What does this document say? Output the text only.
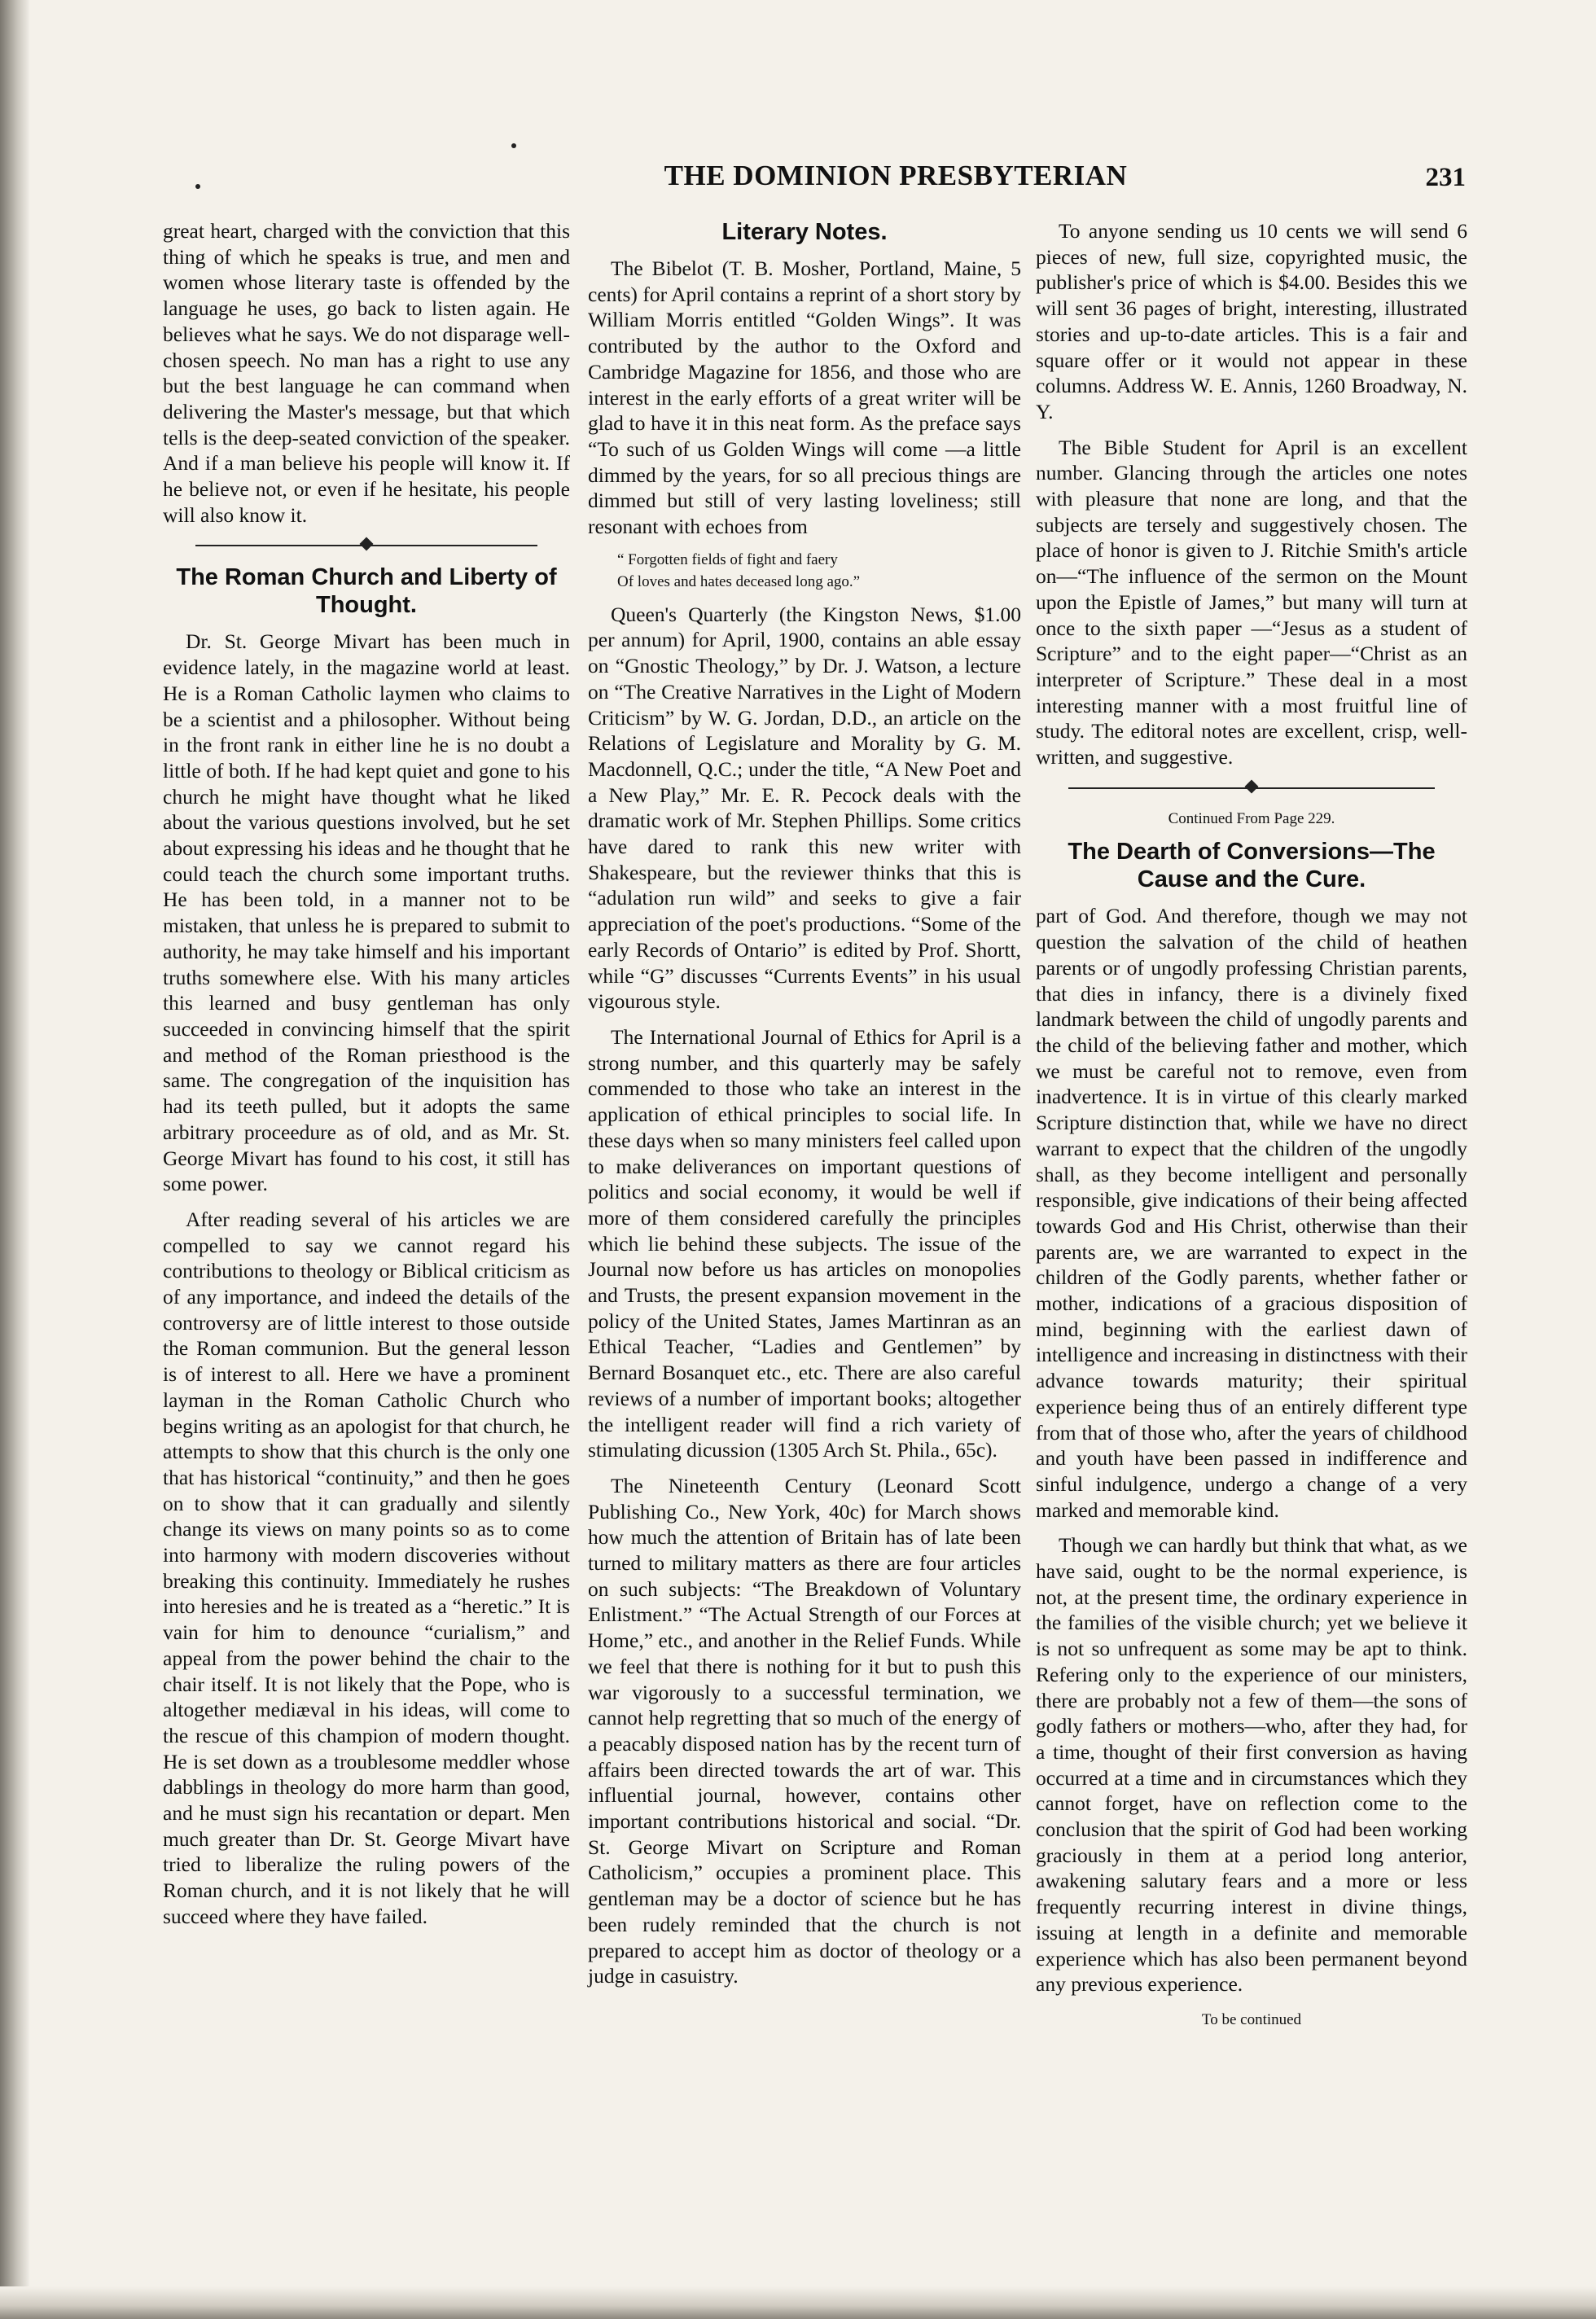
THE DOMINION PRESBYTERIAN	231

great heart, charged with the conviction that this thing of which he speaks is true, and men and women whose literary taste is offended by the language he uses, go back to listen again. He believes what he says. We do not disparage well-chosen speech. No man has a right to use any but the best language he can command when delivering the Master's message, but that which tells is the deep-seated conviction of the speaker. And if a man believe his people will know it. If he believe not, or even if he hesitate, his people will also know it.

The Roman Church and Liberty of Thought.

Dr. St. George Mivart has been much in evidence lately, in the magazine world at least. He is a Roman Catholic laymen who claims to be a scientist and a philosopher. Without being in the front rank in either line he is no doubt a little of both. If he had kept quiet and gone to his church he might have thought what he liked about the various questions involved, but he set about expressing his ideas and he thought that he could teach the church some important truths. He has been told, in a manner not to be mistaken, that unless he is prepared to submit to authority, he may take himself and his important truths somewhere else. With his many articles this learned and busy gentleman has only succeeded in convincing himself that the spirit and method of the Roman priesthood is the same. The congregation of the inquisition has had its teeth pulled, but it adopts the same arbitrary proceedure as of old, and as Mr. St. George Mivart has found to his cost, it still has some power.

After reading several of his articles we are compelled to say we cannot regard his contributions to theology or Biblical criticism as of any importance, and indeed the details of the controversy are of little interest to those outside the Roman communion. But the general lesson is of interest to all. Here we have a prominent layman in the Roman Catholic Church who begins writing as an apologist for that church, he attempts to show that this church is the only one that has historical “continuity,” and then he goes on to show that it can gradually and silently change its views on many points so as to come into harmony with modern discoveries without breaking this continuity. Immediately he rushes into heresies and he is treated as a “heretic.” It is vain for him to denounce “curialism,” and appeal from the power behind the chair to the chair itself. It is not likely that the Pope, who is altogether mediæval in his ideas, will come to the rescue of this champion of modern thought. He is set down as a troublesome meddler whose dabblings in theology do more harm than good, and he must sign his recantation or depart. Men much greater than Dr. St. George Mivart have tried to liberalize the ruling powers of the Roman church, and it is not likely that he will succeed where they have failed.

Literary Notes.

The Bibelot (T. B. Mosher, Portland, Maine, 5 cents) for April contains a reprint of a short story by William Morris entitled “Golden Wings”. It was contributed by the author to the Oxford and Cambridge Magazine for 1856, and those who are interest in the early efforts of a great writer will be glad to have it in this neat form. As the preface says “To such of us Golden Wings will come —a little dimmed by the years, for so all precious things are dimmed but still of very lasting loveliness; still resonant with echoes from

“ Forgotten fields of fight and faery
Of loves and hates deceased long ago.”

Queen's Quarterly (the Kingston News, $1.00 per annum) for April, 1900, contains an able essay on “Gnostic Theology,” by Dr. J. Watson, a lecture on “The Creative Narratives in the Light of Modern Criticism” by W. G. Jordan, D.D., an article on the Relations of Legislature and Morality by G. M. Macdonnell, Q.C.; under the title, “A New Poet and a New Play,” Mr. E. R. Pecock deals with the dramatic work of Mr. Stephen Phillips. Some critics have dared to rank this new writer with Shakespeare, but the reviewer thinks that this is “adulation run wild” and seeks to give a fair appreciation of the poet's productions. “Some of the early Records of Ontario” is edited by Prof. Shortt, while “G” discusses “Currents Events” in his usual vigourous style.

The International Journal of Ethics for April is a strong number, and this quarterly may be safely commended to those who take an interest in the application of ethical principles to social life. In these days when so many ministers feel called upon to make deliverances on important questions of politics and social economy, it would be well if more of them considered carefully the principles which lie behind these subjects. The issue of the Journal now before us has articles on monopolies and Trusts, the present expansion movement in the policy of the United States, James Martinran as an Ethical Teacher, “Ladies and Gentlemen” by Bernard Bosanquet etc., etc. There are also careful reviews of a number of important books; altogether the intelligent reader will find a rich variety of stimulating dicussion (1305 Arch St. Phila., 65c).

The Nineteenth Century (Leonard Scott Publishing Co., New York, 40c) for March shows how much the attention of Britain has of late been turned to military matters as there are four articles on such subjects: “The Breakdown of Voluntary Enlistment.” “The Actual Strength of our Forces at Home,” etc., and another in the Relief Funds. While we feel that there is nothing for it but to push this war vigorously to a successful termination, we cannot help regretting that so much of the energy of a peacably disposed nation has by the recent turn of affairs been directed towards the art of war. This influential journal, however, contains other important contributions historical and social. “Dr. St. George Mivart on Scripture and Roman Catholicism,” occupies a prominent place. This gentleman may be a doctor of science but he has been rudely reminded that the church is not prepared to accept him as doctor of theology or a judge in casuistry.

To anyone sending us 10 cents we will send 6 pieces of new, full size, copyrighted music, the publisher's price of which is $4.00. Besides this we will sent 36 pages of bright, interesting, illustrated stories and up-to-date articles. This is a fair and square offer or it would not appear in these columns. Address W. E. Annis, 1260 Broadway, N. Y.

The Bible Student for April is an excellent number. Glancing through the articles one notes with pleasure that none are long, and that the subjects are tersely and suggestively chosen. The place of honor is given to J. Ritchie Smith's article on—“The influence of the sermon on the Mount upon the Epistle of James,” but many will turn at once to the sixth paper —“Jesus as a student of Scripture” and to the eight paper—“Christ as an interpreter of Scripture.” These deal in a most interesting manner with a most fruitful line of study. The editoral notes are excellent, crisp, well-written, and suggestive.

Continued From Page 229.
The Dearth of Conversions—The Cause and the Cure.

part of God. And therefore, though we may not question the salvation of the child of heathen parents or of ungodly professing Christian parents, that dies in infancy, there is a divinely fixed landmark between the child of ungodly parents and the child of the believing father and mother, which we must be careful not to remove, even from inadvertence. It is in virtue of this clearly marked Scripture distinction that, while we have no direct warrant to expect that the children of the ungodly shall, as they become intelligent and personally responsible, give indications of their being affected towards God and His Christ, otherwise than their parents are, we are warranted to expect in the children of the Godly parents, whether father or mother, indications of a gracious disposition of mind, beginning with the earliest dawn of intelligence and increasing in distinctness with their advance towards maturity; their spiritual experience being thus of an entirely different type from that of those who, after the years of childhood and youth have been passed in indifference and sinful indulgence, undergo a change of a very marked and memorable kind.

Though we can hardly but think that what, as we have said, ought to be the normal experience, is not, at the present time, the ordinary experience in the families of the visible church; yet we believe it is not so unfrequent as some may be apt to think. Refering only to the experience of our ministers, there are probably not a few of them—the sons of godly fathers or mothers—who, after they had, for a time, thought of their first conversion as having occurred at a time and in circumstances which they cannot forget, have on reflection come to the conclusion that the spirit of God had been working graciously in them at a period long anterior, awakening salutary fears and a more or less frequently recurring interest in divine things, issuing at length in a definite and memorable experience which has also been permanent beyond any previous experience.

To be continued
